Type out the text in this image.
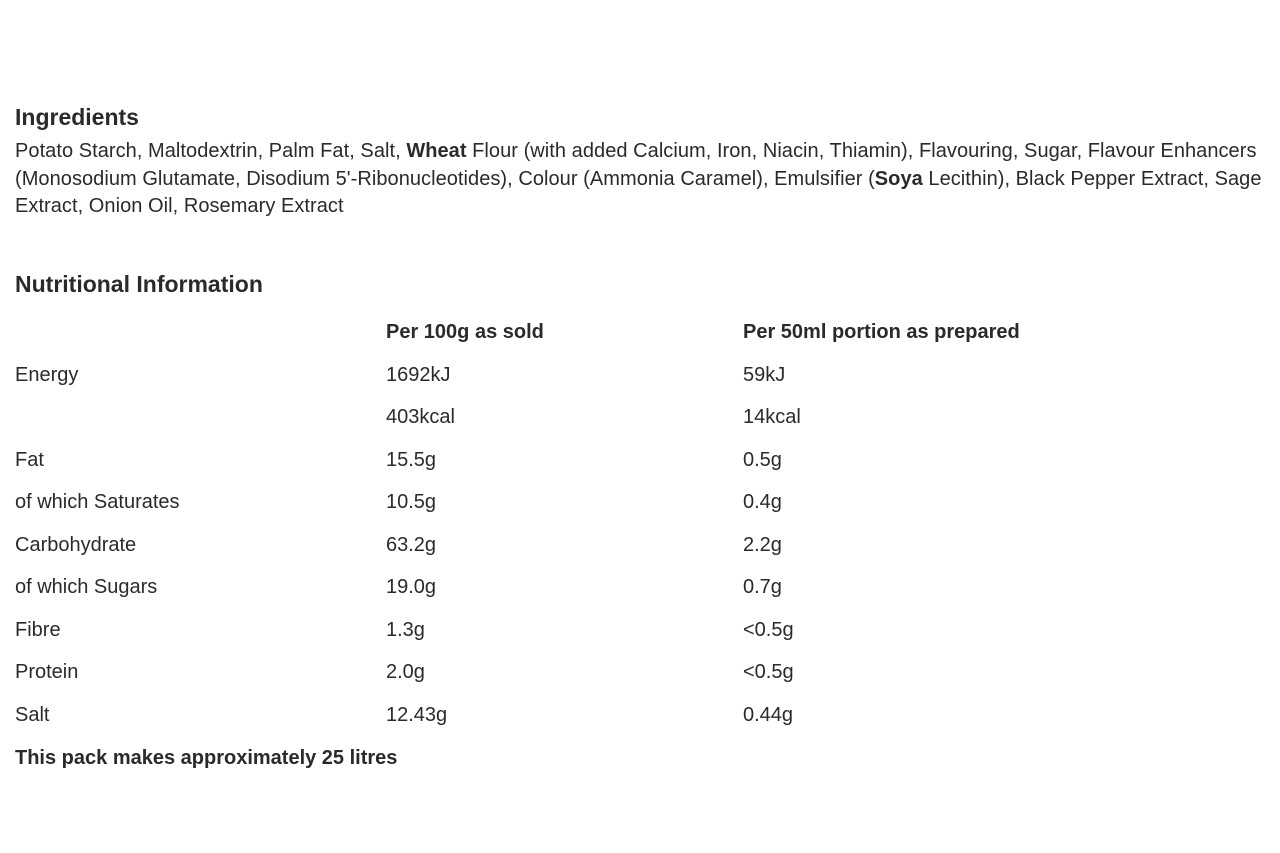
Ingredients

Potato Starch, Maltodextrin, Palm Fat, Salt, Wheat Flour (with added Calcium, Iron, Niacin, Thiamin), Flavouring, Sugar, Flavour Enhancers (Monosodium Glutamate, Disodium 5'-Ribonucleotides), Colour (Ammonia Caramel), Emulsifier (Soya Lecithin), Black Pepper Extract, Sage Extract, Onion Oil, Rosemary Extract

Nutritional Information
	Per 100g as sold	Per 50ml portion as prepared
Energy	1692kJ	59kJ
	403kcal	14kcal
Fat	15.5g	0.5g
of which Saturates	10.5g	0.4g
Carbohydrate	63.2g	2.2g
of which Sugars	19.0g	0.7g
Fibre	1.3g	<0.5g
Protein	2.0g	<0.5g
Salt	12.43g	0.44g
This pack makes approximately 25 litres
